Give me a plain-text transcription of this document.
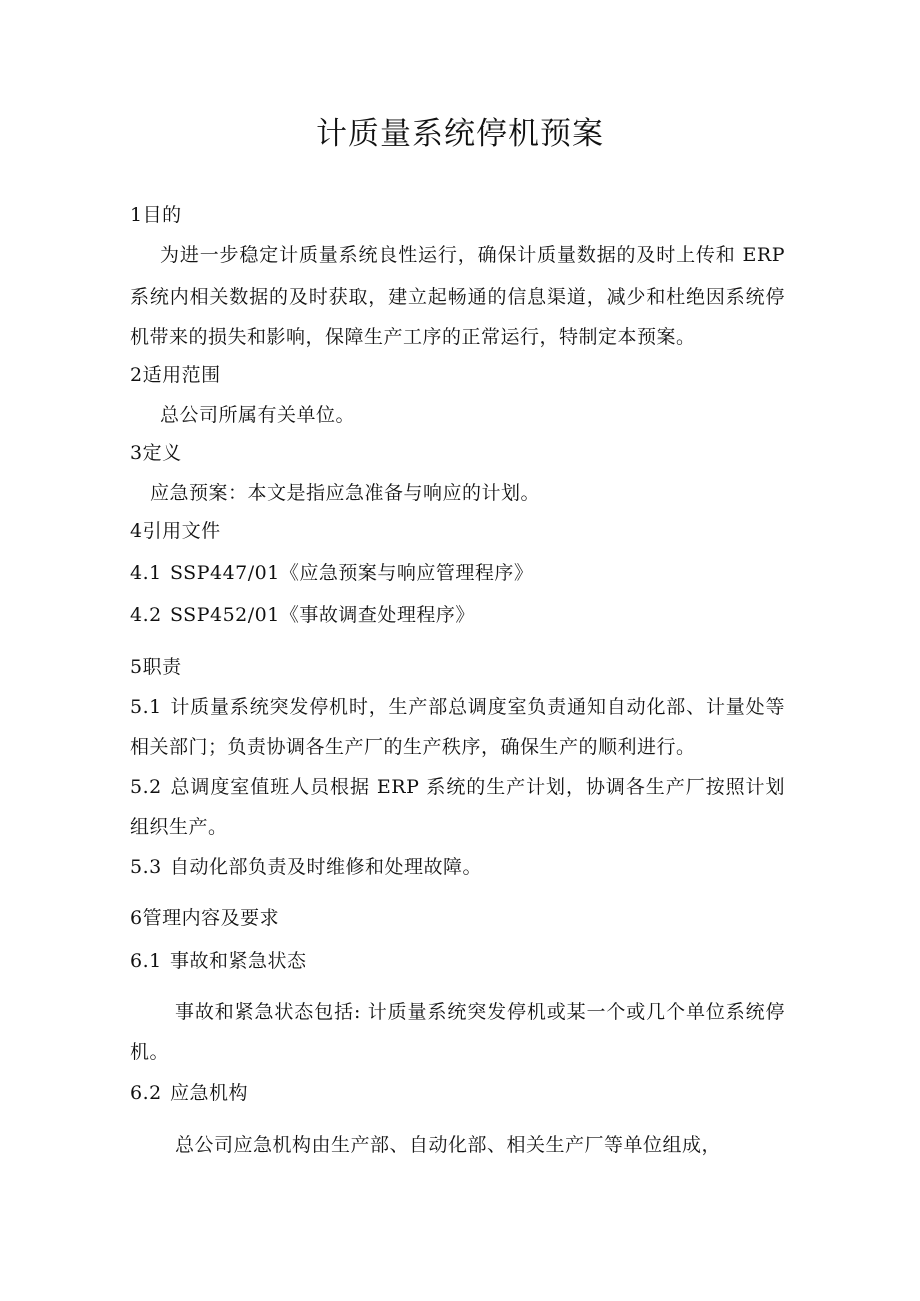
计质量系统停机预案
1目的
为进一步稳定计质量系统良性运行，确保计质量数据的及时上传和 ERP
系统内相关数据的及时获取，建立起畅通的信息渠道，减少和杜绝因系统停
机带来的损失和影响，保障生产工序的正常运行，特制定本预案。
2适用范围
总公司所属有关单位。
3定义
应急预案：本文是指应急准备与响应的计划。
4引用文件
4.1 SSP447/01《应急预案与响应管理程序》
4.2 SSP452/01《事故调查处理程序》
5职责
5.1 计质量系统突发停机时，生产部总调度室负责通知自动化部、计量处等
相关部门；负责协调各生产厂的生产秩序，确保生产的顺利进行。
5.2 总调度室值班人员根据 ERP 系统的生产计划，协调各生产厂按照计划
组织生产。
5.3 自动化部负责及时维修和处理故障。
6管理内容及要求
6.1 事故和紧急状态
事故和紧急状态包括: 计质量系统突发停机或某一个或几个单位系统停
机。
6.2 应急机构
总公司应急机构由生产部、自动化部、相关生产厂等单位组成，
